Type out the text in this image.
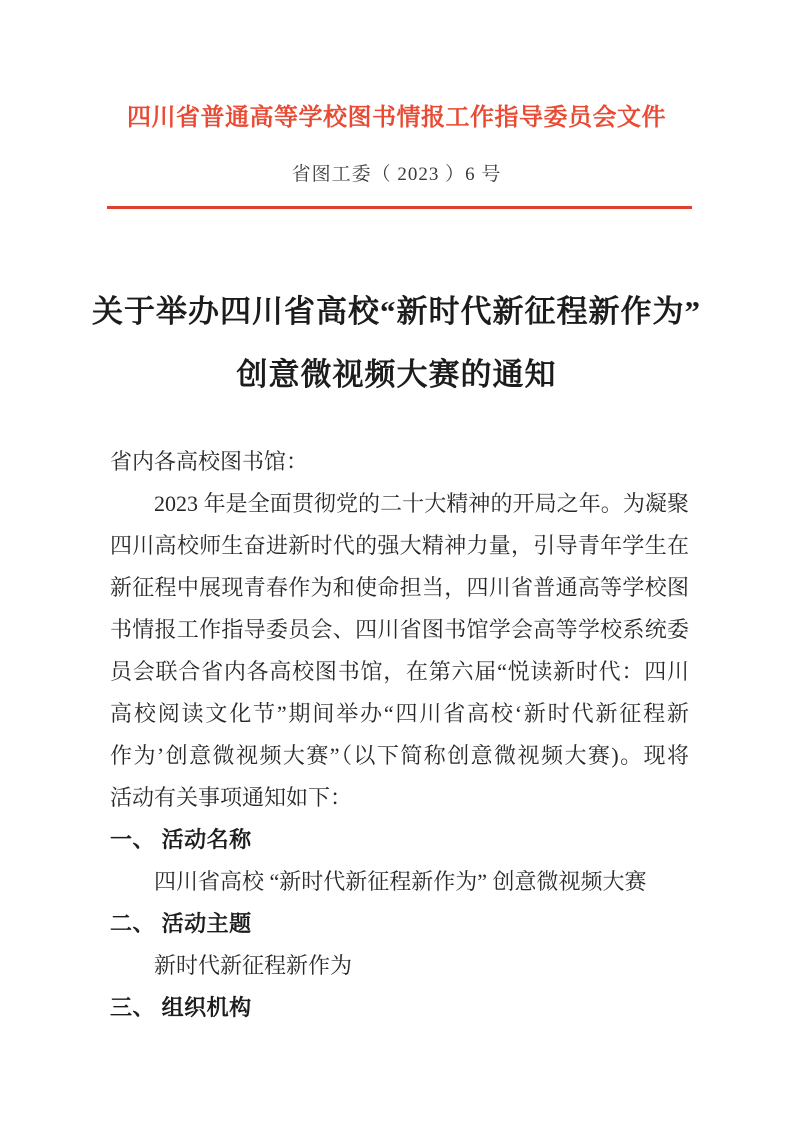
四川省普通高等学校图书情报工作指导委员会文件
省图工委（ 2023 ）6 号
关于举办四川省高校“新时代新征程新作为”
创意微视频大赛的通知
省内各高校图书馆：
2023 年是全面贯彻党的二十大精神的开局之年。为凝聚
四川高校师生奋进新时代的强大精神力量，引导青年学生在
新征程中展现青春作为和使命担当，四川省普通高等学校图
书情报工作指导委员会、四川省图书馆学会高等学校系统委
员会联合省内各高校图书馆，在第六届“悦读新时代：四川
高校阅读文化节”期间举办“四川省高校‘新时代新征程新
作为’创意微视频大赛”（以下简称创意微视频大赛)。现将
活动有关事项通知如下：
一、 活动名称
四川省高校 “新时代新征程新作为” 创意微视频大赛
二、 活动主题
新时代新征程新作为
三、 组织机构
